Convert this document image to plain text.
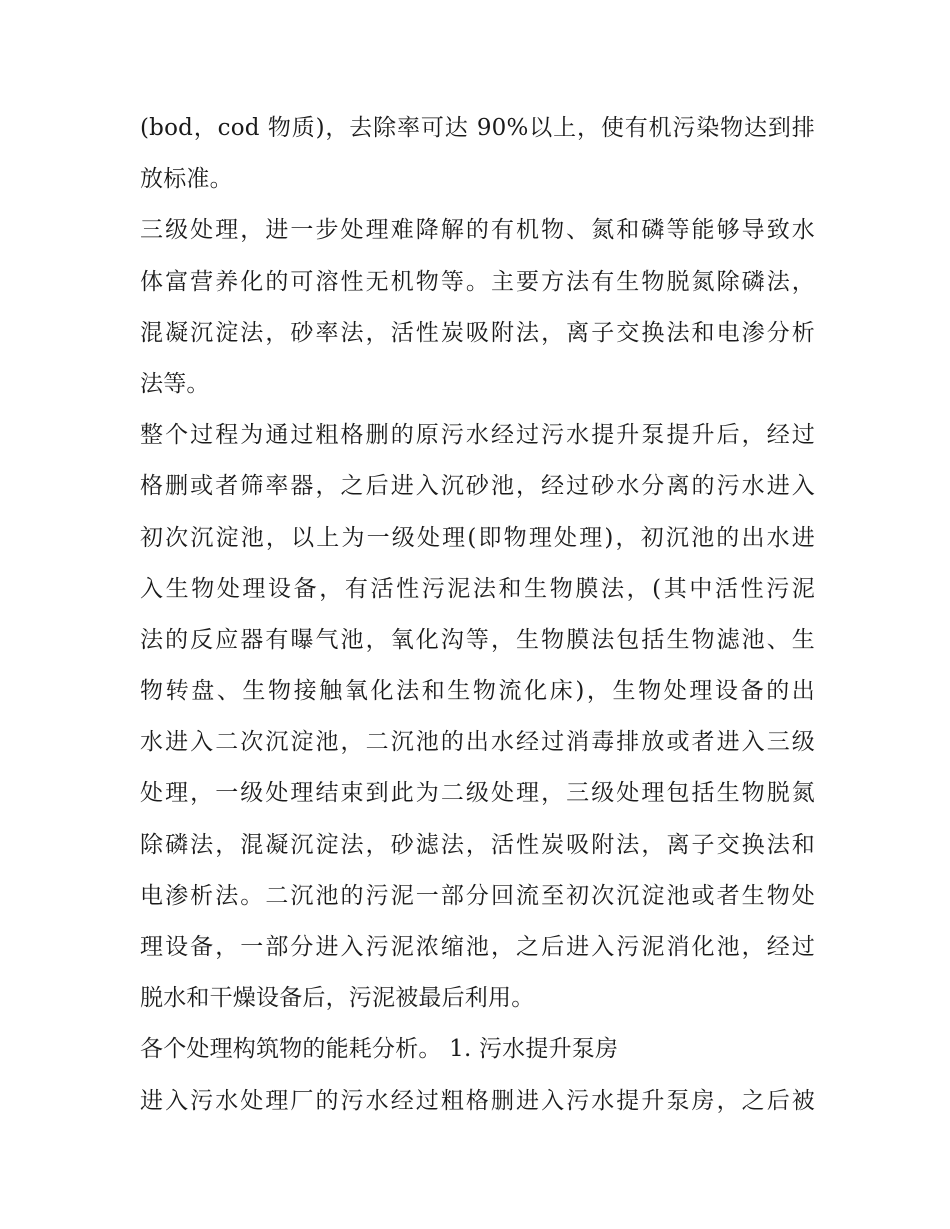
(bod，cod 物质)，去除率可达 90%以上，使有机污染物达到排
放标准。
三级处理，进一步处理难降解的有机物、氮和磷等能够导致水
体富营养化的可溶性无机物等。主要方法有生物脱氮除磷法，
混凝沉淀法，砂率法，活性炭吸附法，离子交换法和电渗分析
法等。
整个过程为通过粗格删的原污水经过污水提升泵提升后，经过
格删或者筛率器，之后进入沉砂池，经过砂水分离的污水进入
初次沉淀池，以上为一级处理(即物理处理)，初沉池的出水进
入生物处理设备，有活性污泥法和生物膜法，(其中活性污泥
法的反应器有曝气池，氧化沟等，生物膜法包括生物滤池、生
物转盘、生物接触氧化法和生物流化床)，生物处理设备的出
水进入二次沉淀池，二沉池的出水经过消毒排放或者进入三级
处理，一级处理结束到此为二级处理，三级处理包括生物脱氮
除磷法，混凝沉淀法，砂滤法，活性炭吸附法，离子交换法和
电渗析法。二沉池的污泥一部分回流至初次沉淀池或者生物处
理设备，一部分进入污泥浓缩池，之后进入污泥消化池，经过
脱水和干燥设备后，污泥被最后利用。
各个处理构筑物的能耗分析。 1. 污水提升泵房
进入污水处理厂的污水经过粗格删进入污水提升泵房，之后被
